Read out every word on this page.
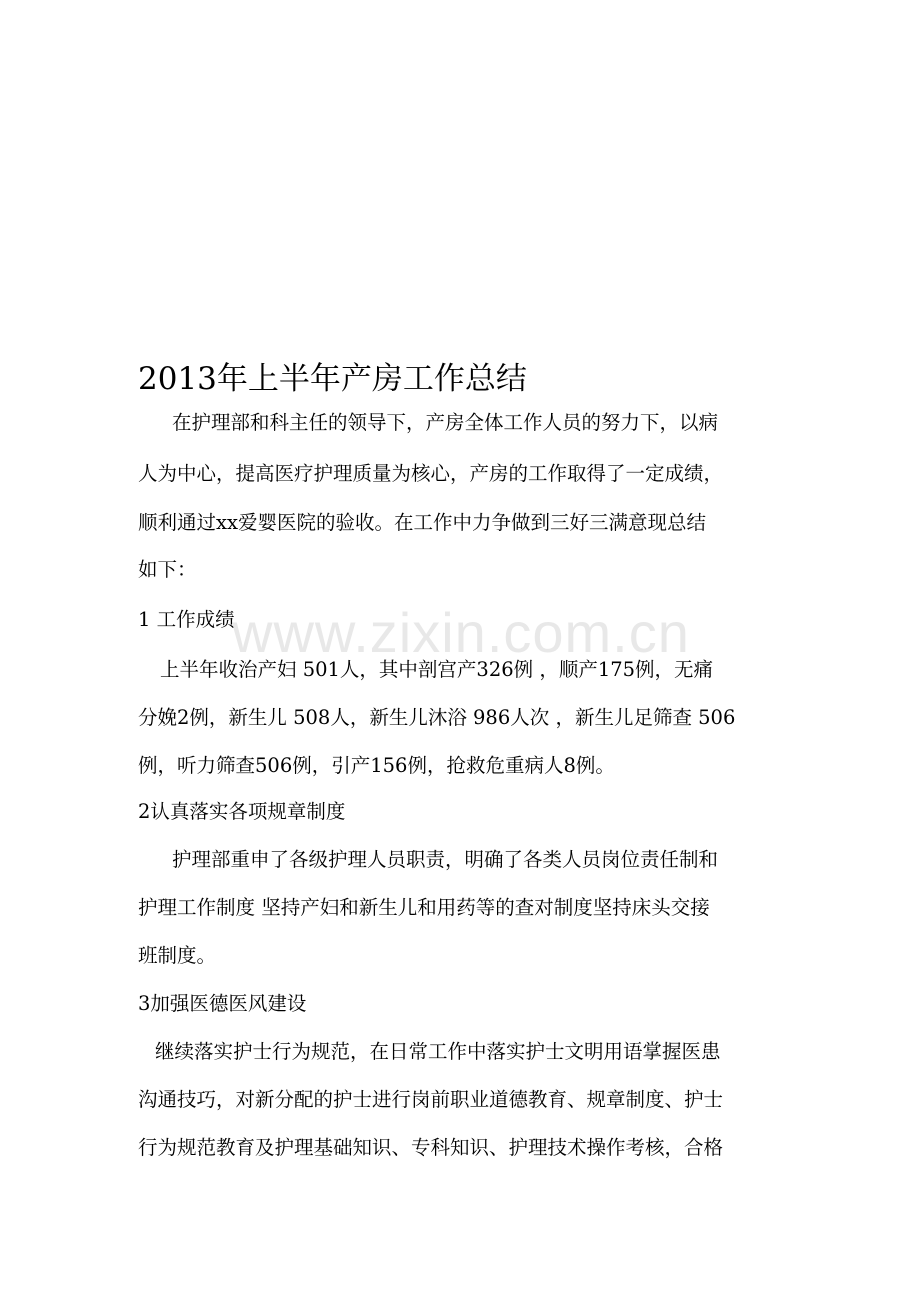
2013年上半年产房工作总结

在护理部和科主任的领导下，产房全体工作人员的努力下，以病

人为中心，提高医疗护理质量为核心，产房的工作取得了一定成绩，

顺利通过xx爱婴医院的验收。在工作中力争做到三好三满意现总结

如下：

1 工作成绩

上半年收治产妇 501人，其中剖宫产326例 ，顺产175例，无痛

分娩2例，新生儿 508人，新生儿沐浴 986人次 ，新生儿足筛查 506

例，听力筛查506例，引产156例，抢救危重病人8例。

2认真落实各项规章制度

护理部重申了各级护理人员职责，明确了各类人员岗位责任制和

护理工作制度 坚持产妇和新生儿和用药等的查对制度坚持床头交接

班制度。

3加强医德医风建设

继续落实护士行为规范，在日常工作中落实护士文明用语掌握医患

沟通技巧，对新分配的护士进行岗前职业道德教育、规章制度、护士

行为规范教育及护理基础知识、专科知识、护理技术操作考核，合格

www.zixin.com.cn
